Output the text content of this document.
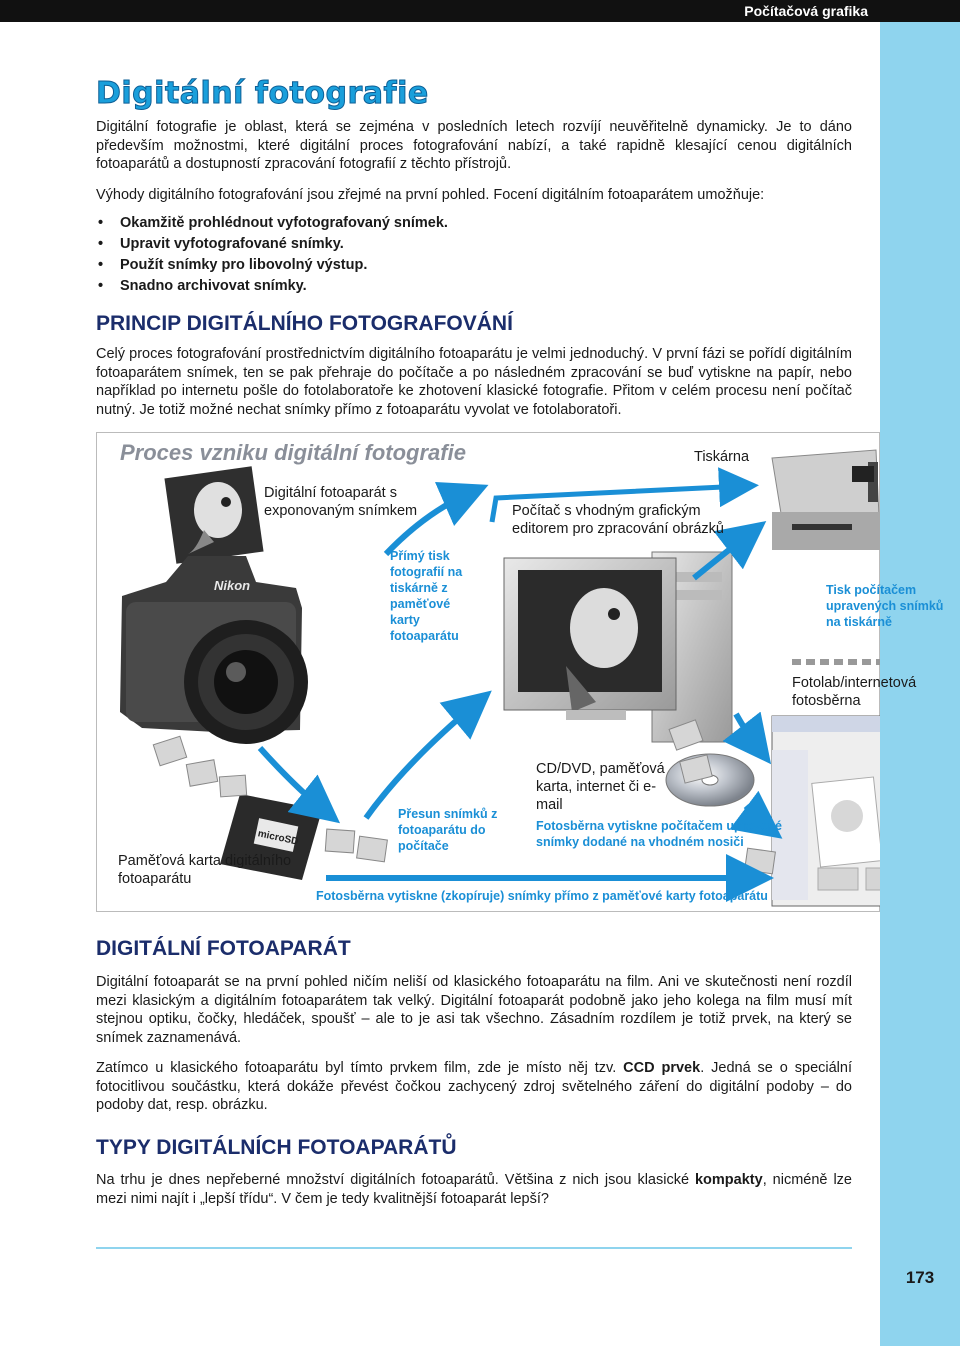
Počítačová grafika
173
Digitální fotografie

Digitální fotografie je oblast, která se zejména v posledních letech rozvíjí neuvěřitelně dynamicky. Je to dáno především možnostmi, které digitální proces fotografování nabízí, a také rapidně klesající cenou digitálních fotoaparátů a dostupností zpracování fotografií z těchto přístrojů.

Výhody digitálního fotografování jsou zřejmé na první pohled. Focení digitálním fotoaparátem umožňuje:

• Okamžitě prohlédnout vyfotografovaný snímek.
• Upravit vyfotografované snímky.
• Použít snímky pro libovolný výstup.
• Snadno archivovat snímky.
PRINCIP DIGITÁLNÍHO FOTOGRAFOVÁNÍ

Celý proces fotografování prostřednictvím digitálního fotoaparátu je velmi jednoduchý. V první fázi se pořídí digitálním fotoaparátem snímek, ten se pak přehraje do počítače a po následném zpracování se buď vytiskne na papír, nebo například po internetu pošle do fotolaboratoře ke zhotovení klasické fotografie. Přitom v celém procesu není počítač nutný. Je totiž možné nechat snímky přímo z fotoaparátu vyvolat ve fotolaboratoři.

Nikon
microSD
Proces vzniku digitální fotografie
Digitální fotoaparát s exponovaným snímkem
Tiskárna
Počítač s vhodným grafickým editorem pro zpracování obrázků
Fotolab/internetová fotosběrna
CD/DVD, paměťová karta, internet či e-mail
Paměťová karta digitálního fotoaparátu
Přímý tisk fotografií na tiskárně z paměťové karty fotoaparátu
Tisk počítačem upravených snímků na tiskárně
Přesun snímků z fotoaparátu do počítače
Fotosběrna vytiskne počítačem upravené snímky dodané na vhodném nosiči
Fotosběrna vytiskne (zkopíruje) snímky přímo z paměťové karty fotoaparátu
DIGITÁLNÍ FOTOAPARÁT

Digitální fotoaparát se na první pohled ničím neliší od klasického fotoaparátu na film. Ani ve skutečnosti není rozdíl mezi klasickým a digitálním fotoaparátem tak velký. Digitální fotoaparát podobně jako jeho kolega na film musí mít stejnou optiku, čočky, hledáček, spoušť – ale to je asi tak všechno. Zásadním rozdílem je totiž prvek, na který se snímek zaznamenává.

Zatímco u klasického fotoaparátu byl tímto prvkem film, zde je místo něj tzv. CCD prvek. Jedná se o speciální fotocitlivou součástku, která dokáže převést čočkou zachycený zdroj světelného záření do digitální podoby – do podoby dat, resp. obrázku.

TYPY DIGITÁLNÍCH FOTOAPARÁTŮ

Na trhu je dnes nepřeberné množství digitálních fotoaparátů. Většina z nich jsou klasické kompakty, nicméně lze mezi nimi najít i „lepší třídu“. V čem je tedy kvalitnější fotoaparát lepší?
